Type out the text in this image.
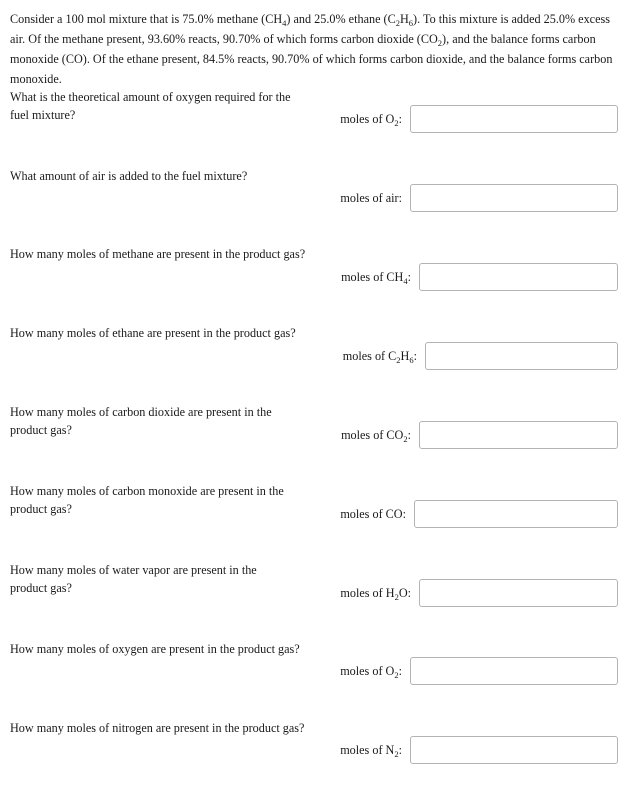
Consider a 100 mol mixture that is 75.0% methane $(CH_4)$ and 25.0% ethane $(C_2H_6)$. To this mixture is added 25.0% excess air. Of the methane present, 93.60% reacts, 90.70% of which forms carbon dioxide $(CO_2)$, and the balance forms carbon monoxide (CO). Of the ethane present, 84.5% reacts, 90.70% of which forms carbon dioxide, and the balance forms carbon monoxide.
What is the theoretical amount of oxygen required for the fuel mixture?	moles of $O_2$:
What amount of air is added to the fuel mixture?
moles of air:
How many moles of methane are present in the product gas?
moles of $CH_4$:
How many moles of ethane are present in the product gas?
moles of $C_2H_6$:
How many moles of carbon dioxide are present in the product gas?	moles of $CO_2$:
How many moles of carbon monoxide are present in the product gas?	moles of CO:
How many moles of water vapor are present in the product gas?	moles of $H_2O$:
How many moles of oxygen are present in the product gas?
moles of $O_2$:
How many moles of nitrogen are present in the product gas?
moles of $N_2$:
